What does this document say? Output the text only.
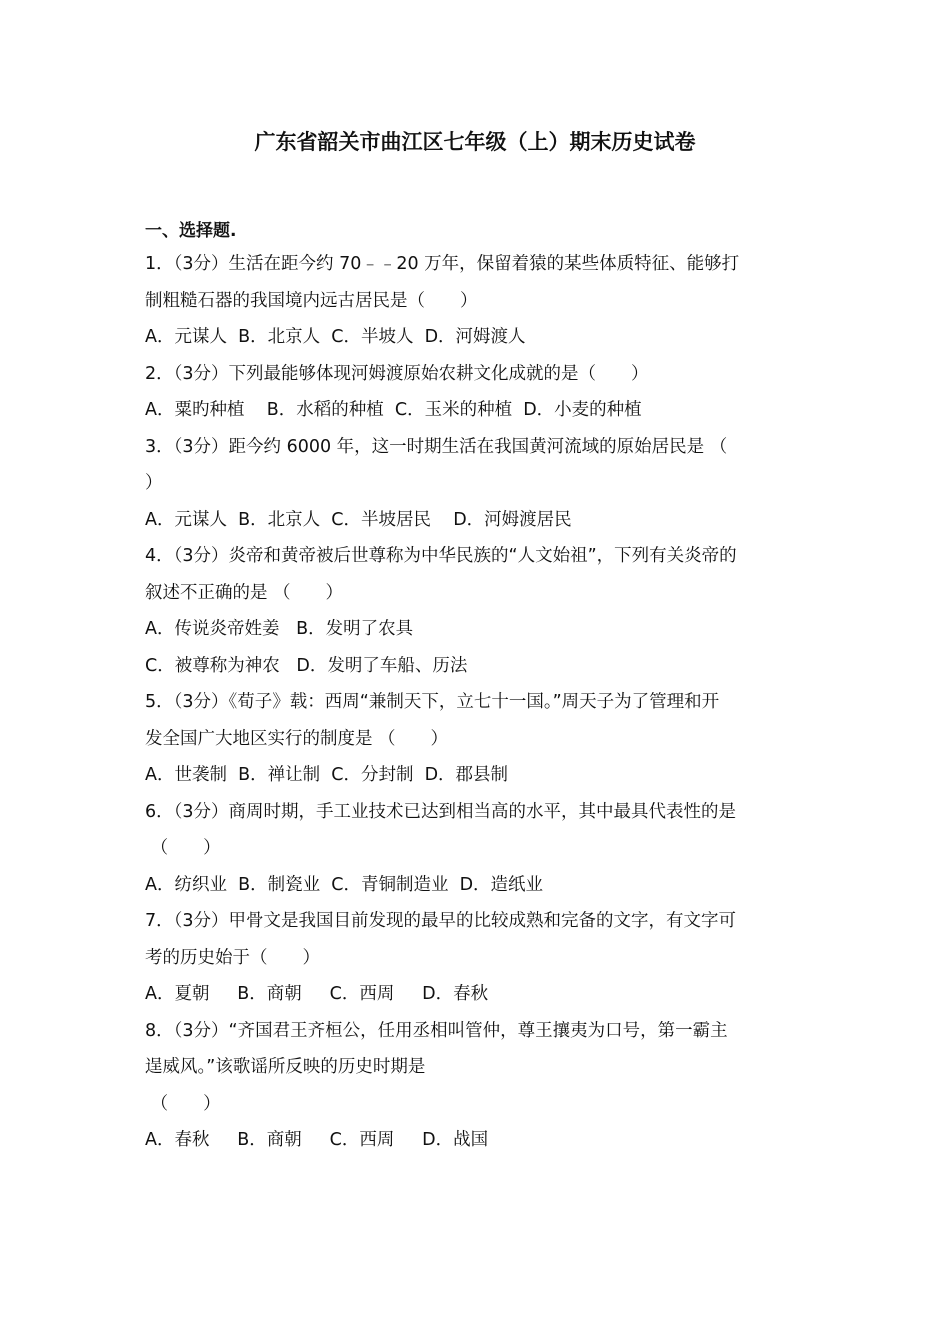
广东省韶关市曲江区七年级（上）期末历史试卷
一、选择题.
1．（3分）生活在距今约 70﹣﹣20 万年，保留着猿的某些体质特征、能够打
制粗糙石器的我国境内远古居民是（　　）
A．元谋人  B．北京人  C．半坡人  D．河姆渡人
2．（3分）下列最能够体现河姆渡原始农耕文化成就的是（　　）
A．粟旳种植    B．水稻的种植  C．玉米的种植  D．小麦的种植
3．（3分）距今约 6000 年，这一时期生活在我国黄河流域的原始居民是 （
）
A．元谋人  B．北京人  C．半坡居民    D．河姆渡居民
4．（3分）炎帝和黄帝被后世尊称为中华民族的“人文始祖”，下列有关炎帝的
叙述不正确的是 （　　）
A．传说炎帝姓姜   B．发明了农具
C．被尊称为神农   D．发明了车船、历法
5．（3分）《荀子》载：西周“兼制天下，立七十一国。”周天子为了管理和开
发全国广大地区实行的制度是 （　　）
A．世袭制  B．禅让制  C．分封制  D．郡县制
6．（3分）商周时期，手工业技术已达到相当高的水平，其中最具代表性的是
（　　）
A．纺织业  B．制瓷业  C．青铜制造业  D．造纸业
7．（3分）甲骨文是我国目前发现的最早的比较成熟和完备的文字，有文字可
考的历史始于（　　）
A．夏朝     B．商朝     C．西周     D．春秋
8．（3分）“齐国君王齐桓公，任用丞相叫管仲，尊王攘夷为口号，第一霸主
逞威风。”该歌谣所反映的历史时期是
（　　）
A．春秋     B．商朝     C．西周     D．战国
